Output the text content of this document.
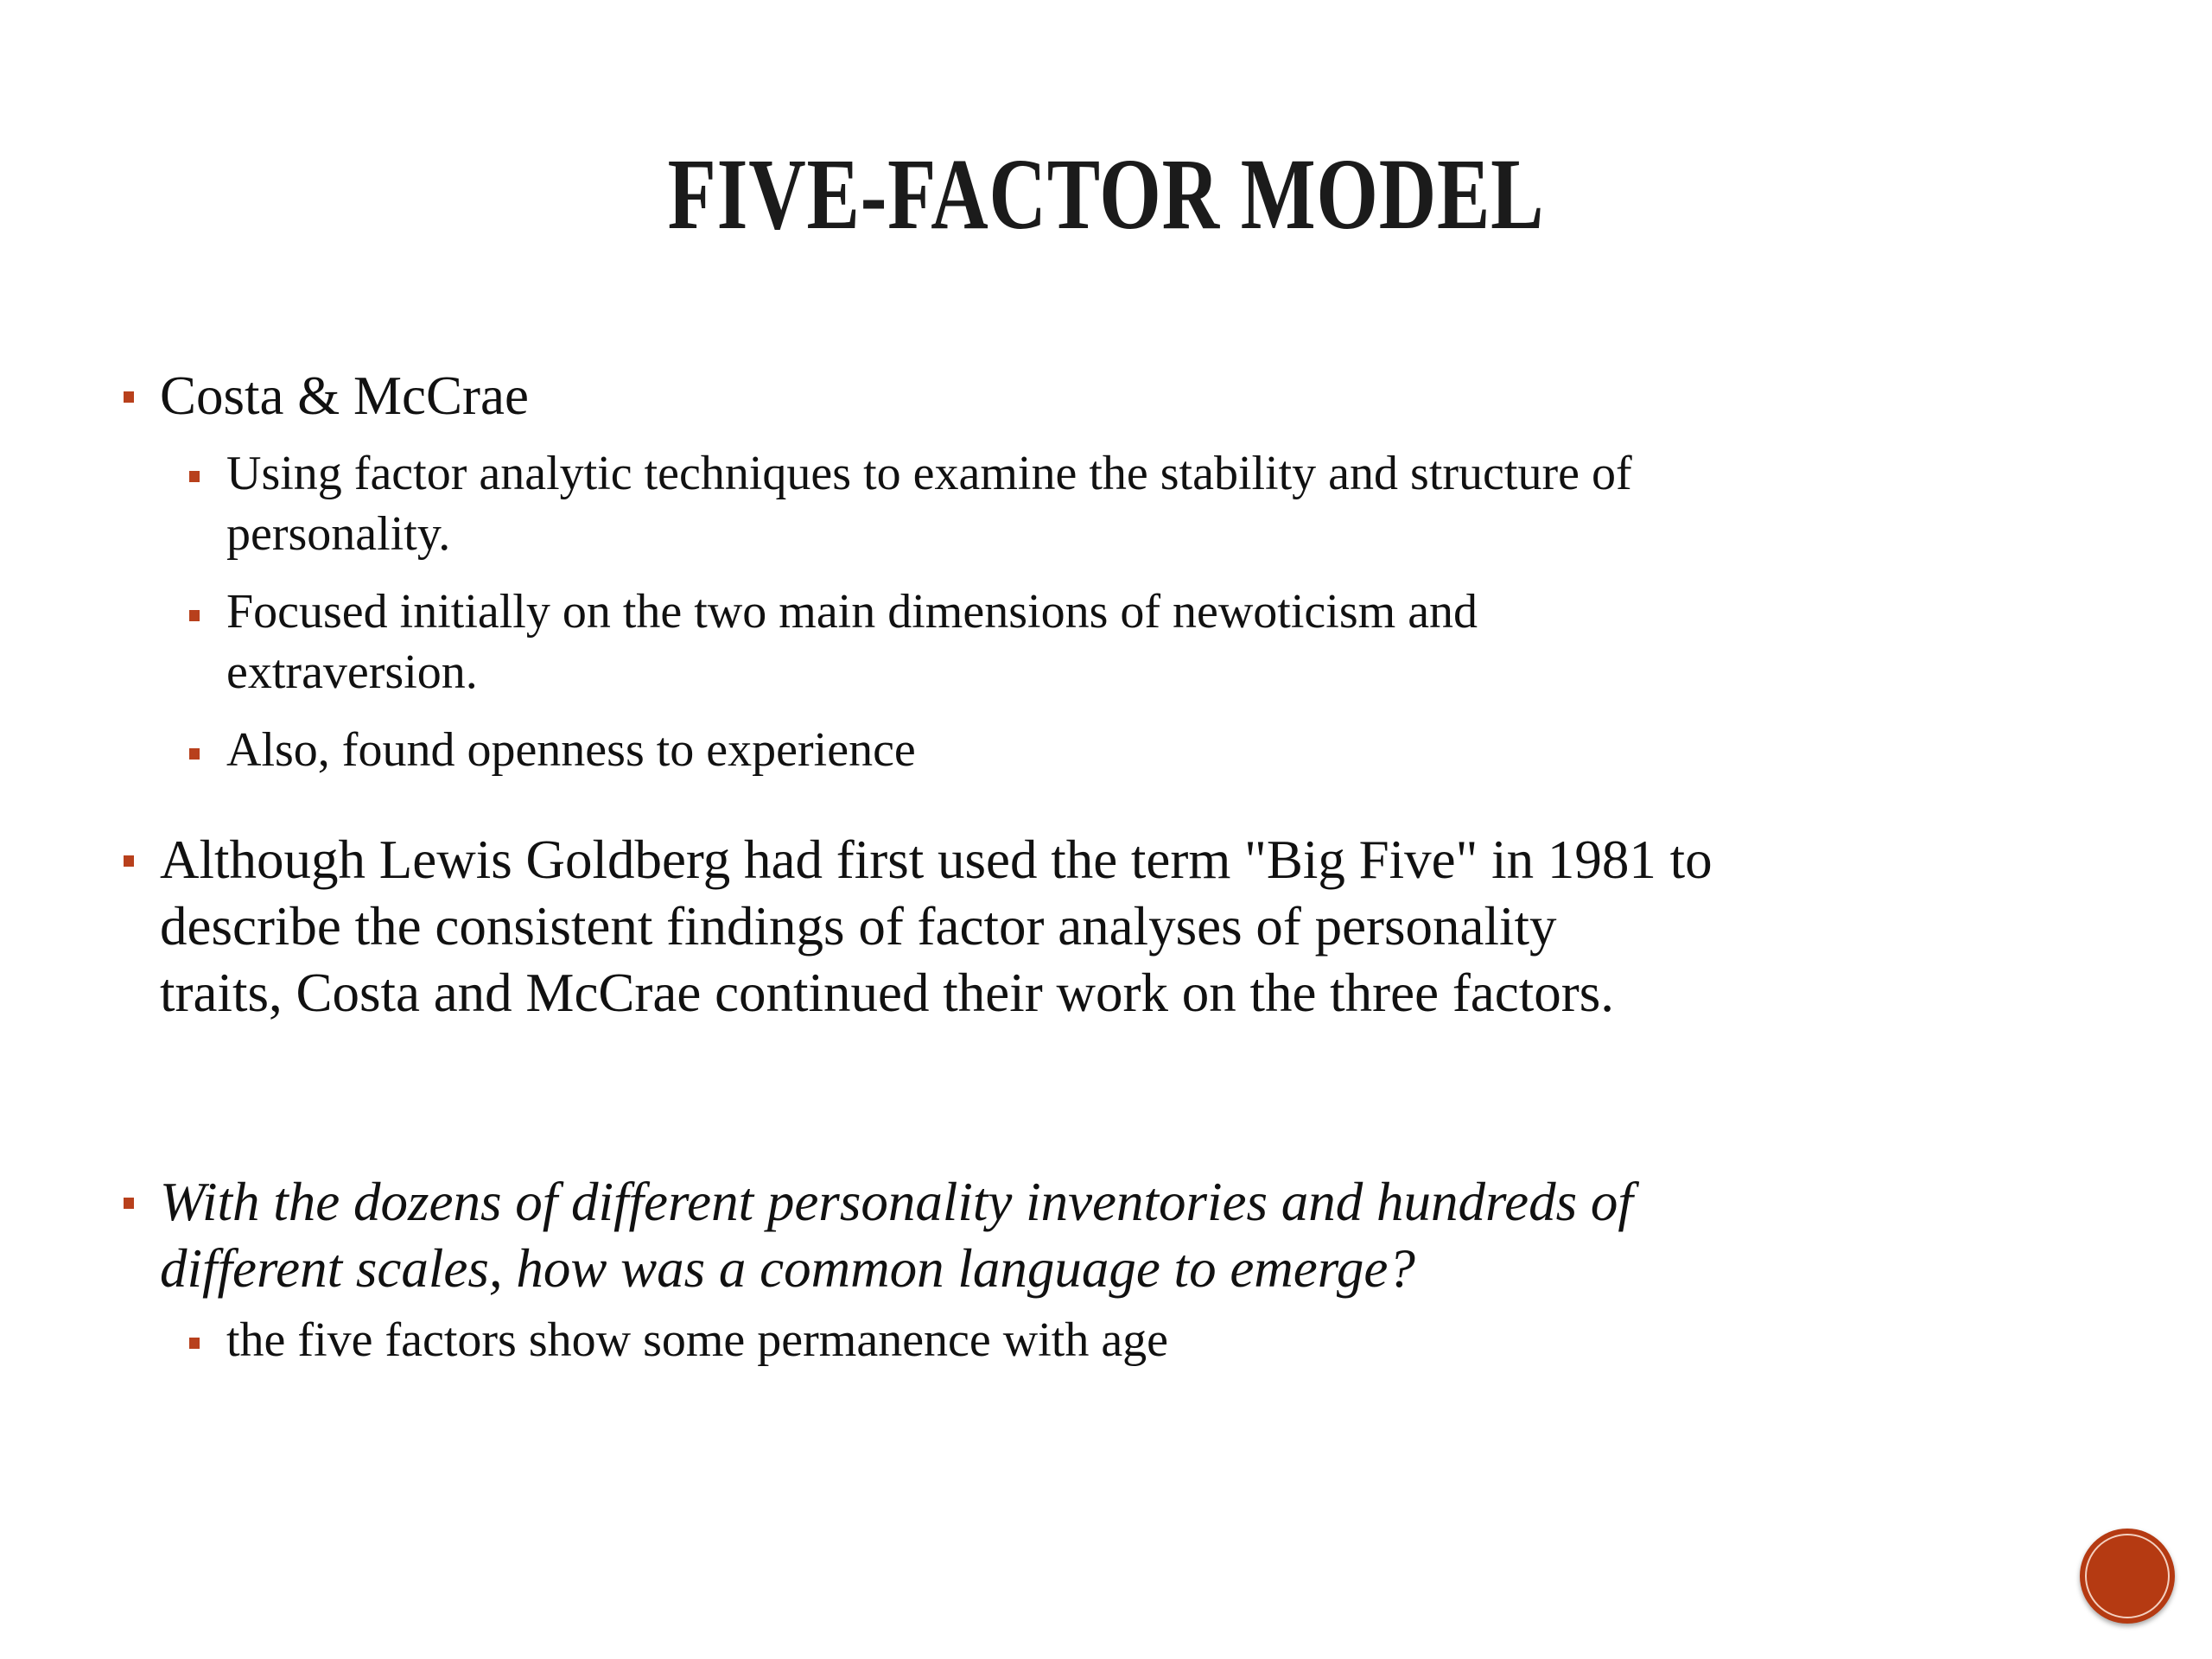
FIVE-FACTOR MODEL
Costa & McCrae
Using factor analytic techniques to examine the stability and structure of
personality.
Focused initially on the two main dimensions of newoticism and
extraversion.
Also, found openness to experience
Although Lewis Goldberg had first used the term "Big Five" in 1981 to
describe the consistent findings of factor analyses of personality
traits, Costa and McCrae continued their work on the three factors.
With the dozens of different personality inventories and hundreds of
different scales, how was a common language to emerge?
the five factors show some permanence with age
